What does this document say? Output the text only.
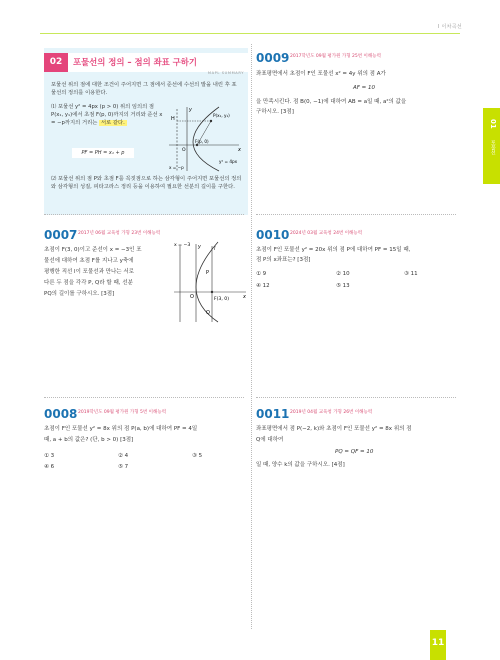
I 이차곡선
02	포물선의 정의 – 점의 좌표 구하기
MAPL SUMMARY
포물선 위의 점에 대한 조건이 주어지면 그 점에서 준선에 수선의 발을 내린 후 포물선의 정의를 이용한다.
⑴ 포물선 y² = 4px (p > 0) 위의 임의의 점 P(x₁, y₁)에서 초점 F(p, 0)까지의 거리와 준선 x = −p까지의 거리는 서로 같다.
PF = PH = x₁ + p
y
H
P(x₁, y₁)
O
F(p, 0)
x
y² = 4px
x = −p
⑵ 포물선 위의 점 P와 초점 F를 꼭짓점으로 하는 삼각형이 주어지면 포물선의 정의와 삼각형의 성질, 피타고라스 정리 등을 이용하여 필요한 선분의 길이를 구한다.
0009 2017학년도 09월 평가원 가형 25번 이해능력
좌표평면에서 초점이 F인 포물선 x² = 4y 위의 점 A가
AF = 10
을 만족시킨다. 점 B(0, −1)에 대하여 AB = a일 때, a²의 값을
구하시오. [3점]
0007 2017년 06월 교육청 가형 23번 이해능력
초점이 F(3, 0)이고 준선이 x = −3인 포
물선에 대하여 초점 F를 지나고 y축에
평행한 직선 l이 포물선과 만나는 서로
다른 두 점을 각각 P, Q라 할 때, 선분
PQ의 길이를 구하시오. [3점]
x = −3 y	l
P
O
Q
F(3, 0)	x
0010 2024년 03월 교육청 24번 이해능력
초점이 F인 포물선 y² = 20x 위의 점 P에 대하여 PF = 15일 때,
점 P의 x좌표는? [3점]
① 9	② 10	③ 11
④ 12	⑤ 13
0008 2019학년도 09월 평가원 가형 5번 이해능력
초점이 F인 포물선 y² = 8x 위의 점 P(a, b)에 대하여 PF = 4일
때, a + b의 값은? (단, b > 0) [3점]
① 3	② 4	③ 5
④ 6	⑤ 7
0011 2019년 04월 교육청 가형 26번 이해능력
좌표평면에서 점 P(−2, k)와 초점이 F인 포물선 y² = 8x 위의 점
Q에 대하여
PQ = QF = 10
일 때, 양수 k의 값을 구하시오. [4점]
01
포물선
11
